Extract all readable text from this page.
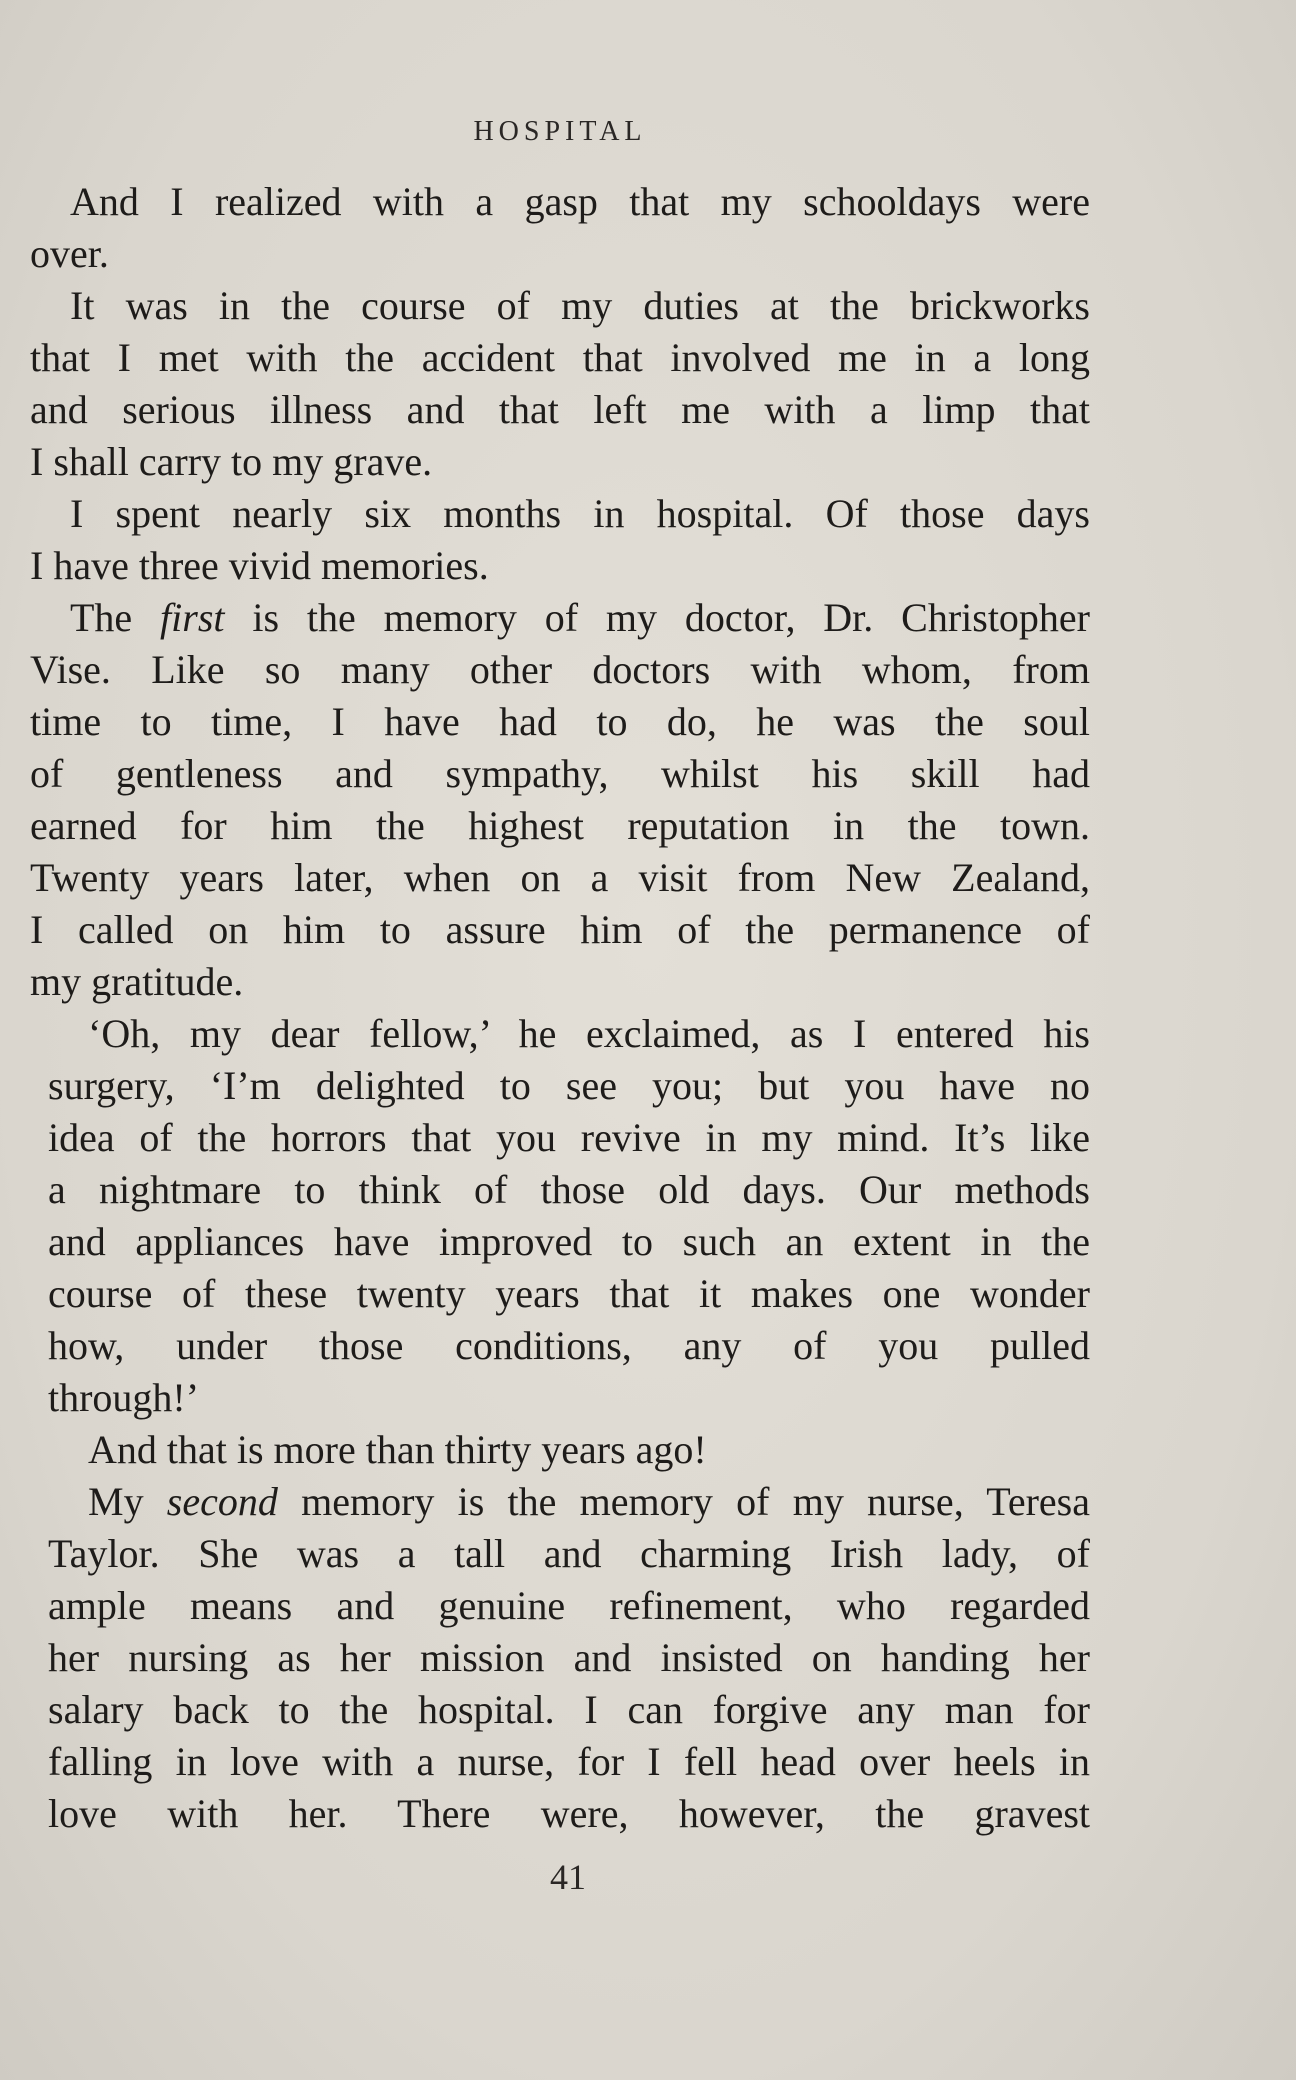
HOSPITAL
And I realized with a gasp that my schooldays were
over.
It was in the course of my duties at the brickworks
that I met with the accident that involved me in a long
and serious illness and that left me with a limp that
I shall carry to my grave.
I spent nearly six months in hospital. Of those days
I have three vivid memories.
The first is the memory of my doctor, Dr. Christopher
Vise. Like so many other doctors with whom, from
time to time, I have had to do, he was the soul
of gentleness and sympathy, whilst his skill had
earned for him the highest reputation in the town.
Twenty years later, when on a visit from New Zealand,
I called on him to assure him of the permanence of
my gratitude.
‘Oh, my dear fellow,’ he exclaimed, as I entered his
surgery, ‘I’m delighted to see you; but you have no
idea of the horrors that you revive in my mind. It’s like
a nightmare to think of those old days. Our methods
and appliances have improved to such an extent in the
course of these twenty years that it makes one wonder
how, under those conditions, any of you pulled
through!’
And that is more than thirty years ago!
My second memory is the memory of my nurse, Teresa
Taylor. She was a tall and charming Irish lady, of
ample means and genuine refinement, who regarded
her nursing as her mission and insisted on handing her
salary back to the hospital. I can forgive any man for
falling in love with a nurse, for I fell head over heels in
love with her. There were, however, the gravest
41
